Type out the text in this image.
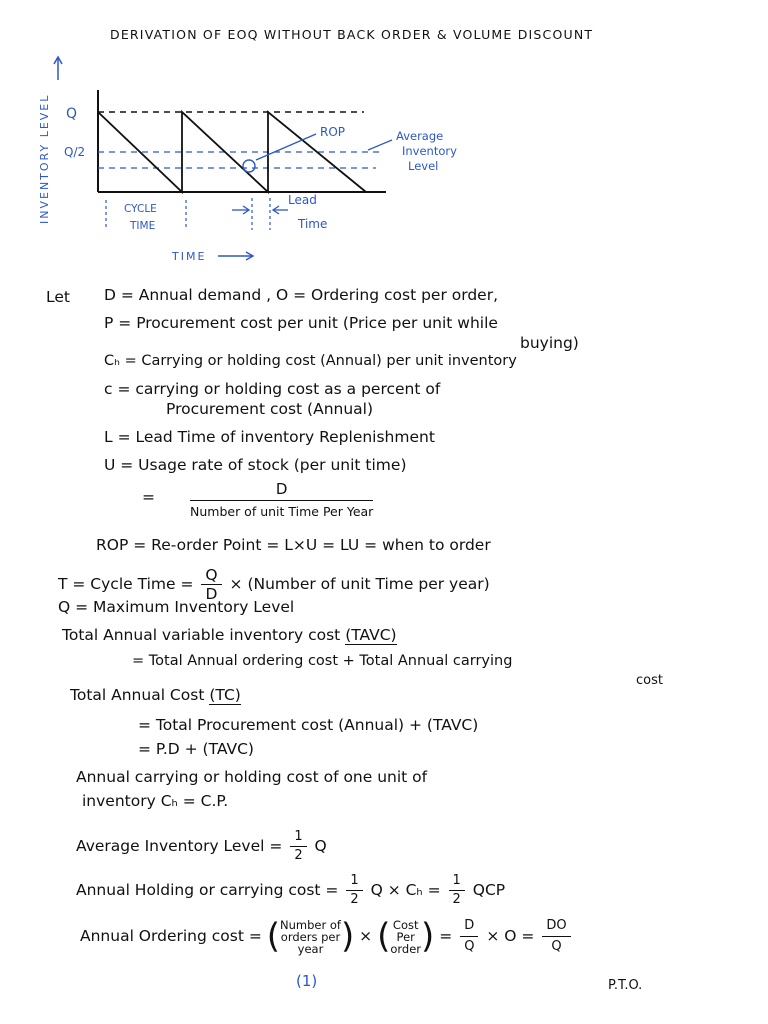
DERIVATION OF EOQ WITHOUT BACK ORDER & VOLUME DISCOUNT
INVENTORY LEVEL Q
Q/2
ROP	Average
Inventory
Level
CYCLE
TIME
Lead
Time
TIME
Let D = Annual demand , O = Ordering cost per order,
P = Procurement cost per unit (Price per unit while
buying)
Cₕ = Carrying or holding cost (Annual) per unit inventory
c = carrying or holding cost as a percent of
Procurement cost (Annual)
L = Lead Time of inventory Replenishment
U = Usage rate of stock (per unit time)
=	D
Number of unit Time Per Year
ROP = Re-order Point = L×U = LU = when to order
T = Cycle Time = $\frac{Q}{D}$ × (Number of unit Time per year)
Q = Maximum Inventory Level
Total Annual variable inventory cost (TAVC)
= Total Annual ordering cost + Total Annual carrying
cost
Total Annual Cost (TC)
= Total Procurement cost (Annual) + (TAVC)
= P.D + (TAVC)
Annual carrying or holding cost of one unit of
inventory Cₕ = C.P.
Average Inventory Level = $\frac{1}{2}$ Q
Annual Holding or carrying $\cos t = \frac{1}{2}$ $Q \times C_h = \frac{1}{2}$ QCP
Annual Ordering cost = ( Number of
orders per
year ) × ( Cost
Per
order ) = $\frac{D}{Q} \times O = \frac{DO}{Q}$
(1)	P.T.O.
